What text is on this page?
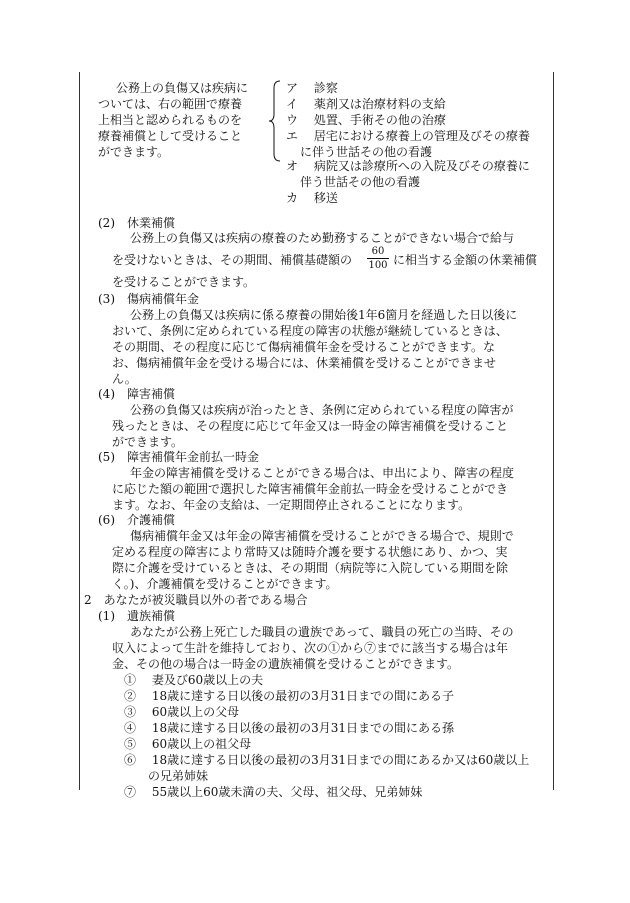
公務上の負傷又は疾病に
ついては、右の範囲で療養
上相当と認められるものを
療養補償として受けること
ができます。
ア　 診察
イ　 薬剤又は治療材料の支給
ウ　 処置、手術その他の治療
エ　 居宅における療養上の管理及びその療養
に伴う世話その他の看護
オ　 病院又は診療所への入院及びその療養に
伴う世話その他の看護
カ　 移送
(2)　休業補償
公務上の負傷又は疾病の療養のため勤務することができない場合で給与
を受けないときは、その期間、補償基礎額の
60
100 に相当する金額の休業補償
を受けることができます。
(3)　傷病補償年金
公務上の負傷又は疾病に係る療養の開始後1年6箇月を経過した日以後に
おいて、条例に定められている程度の障害の状態が継続しているときは、
その期間、その程度に応じて傷病補償年金を受けることができます。な
お、傷病補償年金を受ける場合には、休業補償を受けることができませ
ん。
(4)　障害補償
公務の負傷又は疾病が治ったとき、条例に定められている程度の障害が
残ったときは、その程度に応じて年金又は一時金の障害補償を受けること
ができます。
(5)　障害補償年金前払一時金
年金の障害補償を受けることができる場合は、申出により、障害の程度
に応じた額の範囲で選択した障害補償年金前払一時金を受けることができ
ます。なお、年金の支給は、一定期間停止されることになります。
(6)　介護補償
傷病補償年金又は年金の障害補償を受けることができる場合で、規則で
定める程度の障害により常時又は随時介護を要する状態にあり、かつ、実
際に介護を受けているときは、その期間（病院等に入院している期間を除
く。)、介護補償を受けることができます。
2　あなたが被災職員以外の者である場合
(1)　遺族補償
あなたが公務上死亡した職員の遺族であって、職員の死亡の当時、その
収入によって生計を維持しており、次の①から⑦までに該当する場合は年
金、その他の場合は一時金の遺族補償を受けることができます。
①　 妻及び60歳以上の夫
②　 18歳に達する日以後の最初の3月31日までの間にある子
③　 60歳以上の父母
④　 18歳に達する日以後の最初の3月31日までの間にある孫
⑤　 60歳以上の祖父母
⑥　 18歳に達する日以後の最初の3月31日までの間にあるか又は60歳以上
の兄弟姉妹
⑦　 55歳以上60歳未満の夫、父母、祖父母、兄弟姉妹
